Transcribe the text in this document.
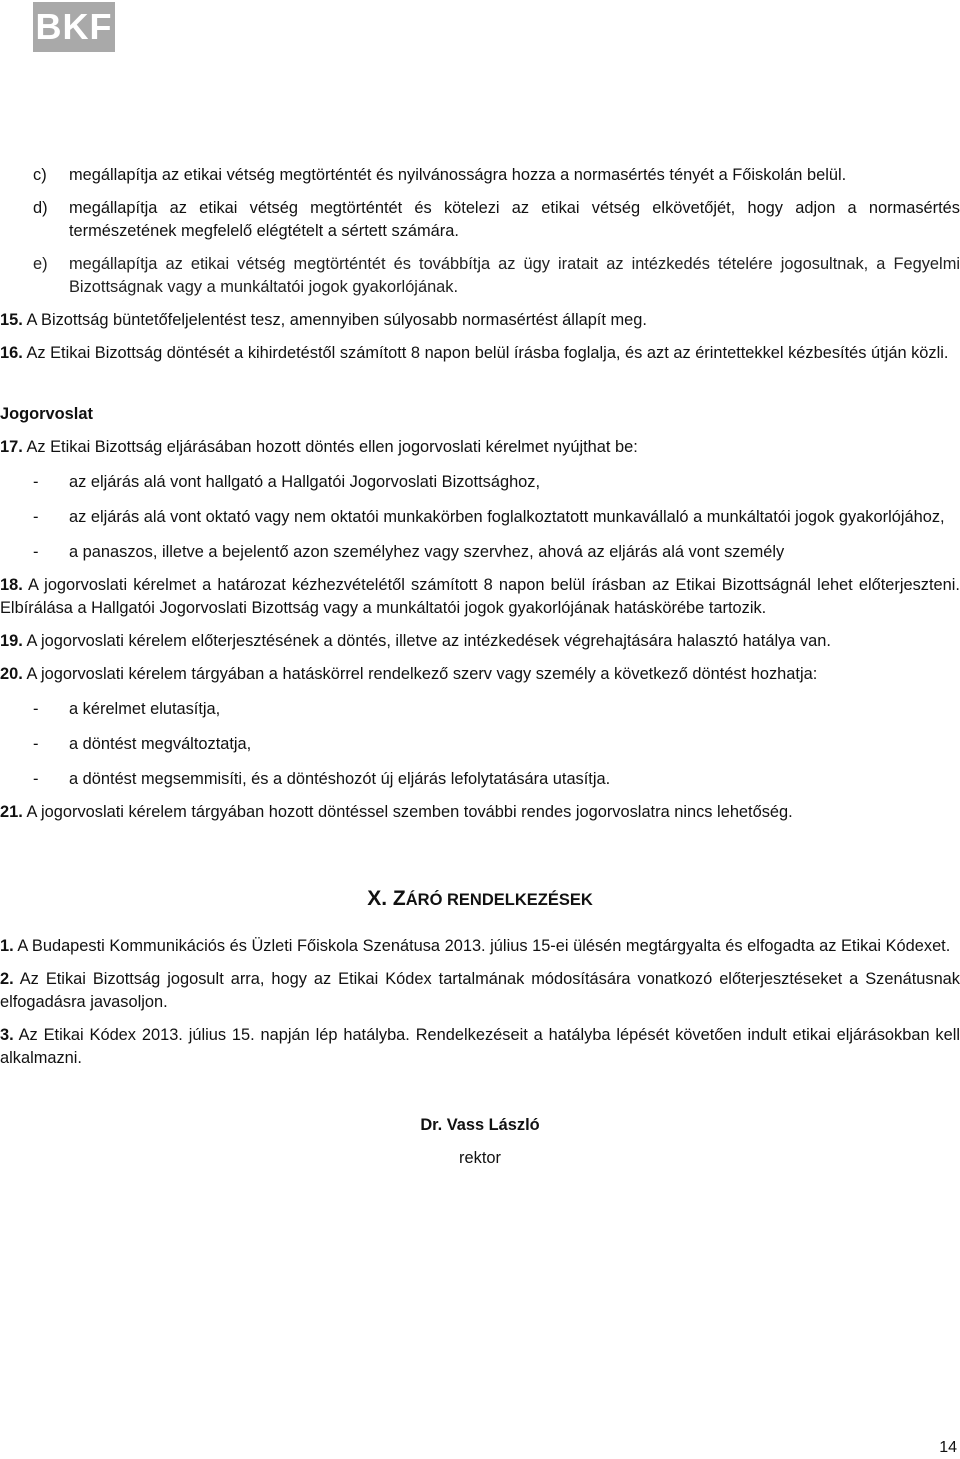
BKF
c)	megállapítja az etikai vétség megtörténtét és nyilvánosságra hozza a normasértés tényét a Főiskolán belül.
d)	megállapítja az etikai vétség megtörténtét és kötelezi az etikai vétség elkövetőjét, hogy adjon a normasértés természetének megfelelő elégtételt a sértett számára.
e)	megállapítja az etikai vétség megtörténtét és továbbítja az ügy iratait az intézkedés tételére jogosultnak, a Fegyelmi Bizottságnak vagy a munkáltatói jogok gyakorlójának.

15. A Bizottság büntetőfeljelentést tesz, amennyiben súlyosabb normasértést állapít meg.

16. Az Etikai Bizottság döntését a kihirdetéstől számított 8 napon belül írásba foglalja, és azt az érintettekkel kézbesítés útján közli.

Jogorvoslat

17. Az Etikai Bizottság eljárásában hozott döntés ellen jogorvoslati kérelmet nyújthat be:

-	az eljárás alá vont hallgató a Hallgatói Jogorvoslati Bizottsághoz,
-	az eljárás alá vont oktató vagy nem oktatói munkakörben foglalkoztatott munkavállaló a munkáltatói jogok gyakorlójához,
-	a panaszos, illetve a bejelentő azon személyhez vagy szervhez, ahová az eljárás alá vont személy

18. A jogorvoslati kérelmet a határozat kézhezvételétől számított 8 napon belül írásban az Etikai Bizottságnál lehet előterjeszteni. Elbírálása a Hallgatói Jogorvoslati Bizottság vagy a munkáltatói jogok gyakorlójának hatáskörébe tartozik.

19. A jogorvoslati kérelem előterjesztésének a döntés, illetve az intézkedések végrehajtására halasztó hatálya van.

20. A jogorvoslati kérelem tárgyában a hatáskörrel rendelkező szerv vagy személy a következő döntést hozhatja:

-	a kérelmet elutasítja,
-	a döntést megváltoztatja,
-	a döntést megsemmisíti, és a döntéshozót új eljárás lefolytatására utasítja.

21. A jogorvoslati kérelem tárgyában hozott döntéssel szemben további rendes jogorvoslatra nincs lehetőség.

X. ZÁRÓ RENDELKEZÉSEK

1. A Budapesti Kommunikációs és Üzleti Főiskola Szenátusa 2013. július 15-ei ülésén megtárgyalta és elfogadta az Etikai Kódexet.

2. Az Etikai Bizottság jogosult arra, hogy az Etikai Kódex tartalmának módosítására vonatkozó előterjesztéseket a Szenátusnak elfogadásra javasoljon.

3. Az Etikai Kódex 2013. július 15. napján lép hatályba. Rendelkezéseit a hatályba lépését követően indult etikai eljárásokban kell alkalmazni.

Dr. Vass László

rektor

14
